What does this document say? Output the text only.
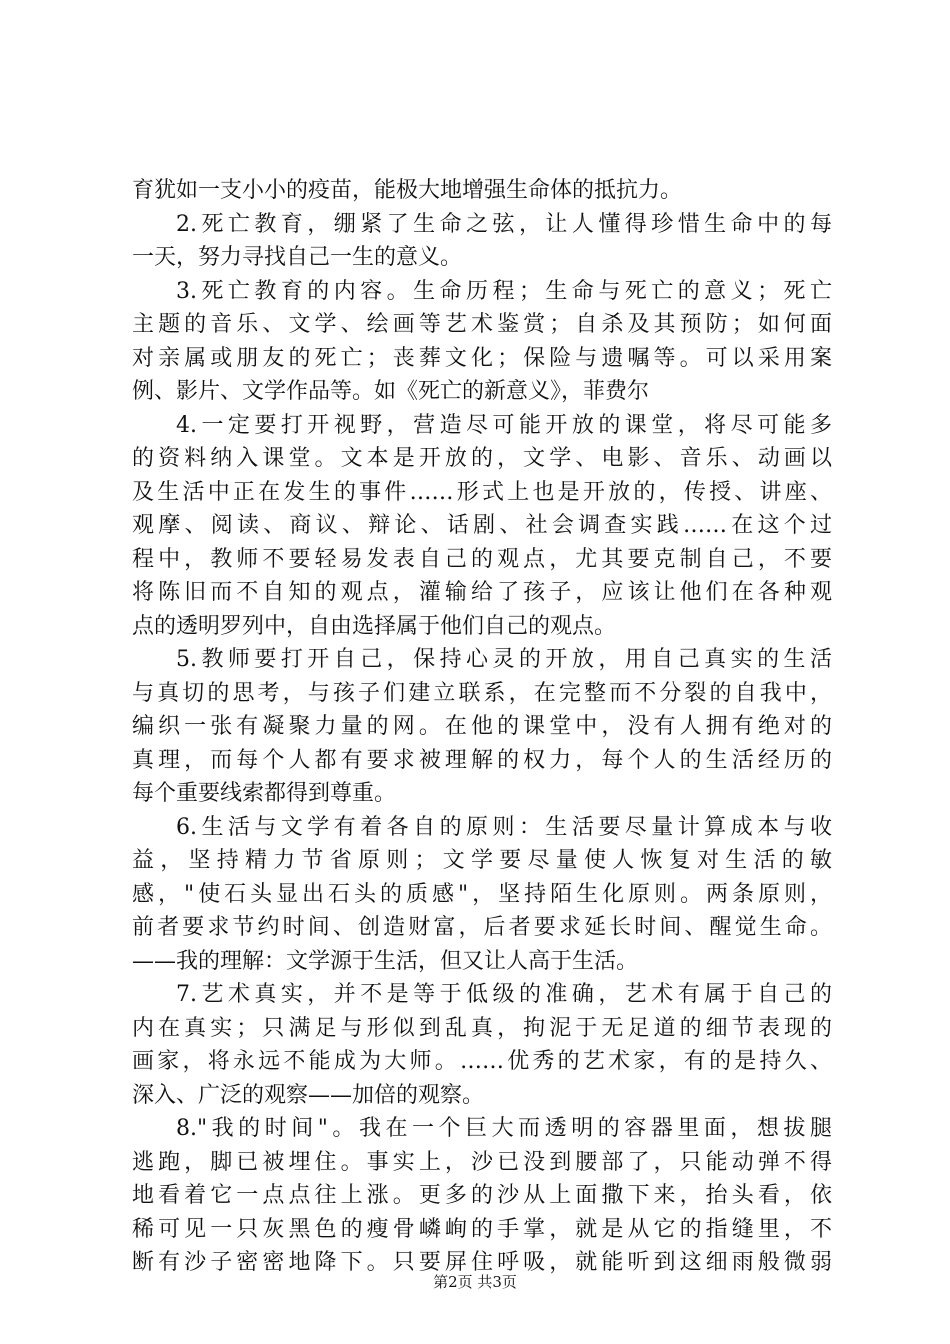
育犹如一支小小的疫苗，能极大地增强生命体的抵抗力。
2.死亡教育，绷紧了生命之弦，让人懂得珍惜生命中的每
一天，努力寻找自己一生的意义。
3.死亡教育的内容。生命历程；生命与死亡的意义；死亡
主题的音乐、文学、绘画等艺术鉴赏；自杀及其预防；如何面
对亲属或朋友的死亡；丧葬文化；保险与遗嘱等。可以采用案
例、影片、文学作品等。如《死亡的新意义》，菲费尔
4.一定要打开视野，营造尽可能开放的课堂，将尽可能多
的资料纳入课堂。文本是开放的，文学、电影、音乐、动画以
及生活中正在发生的事件……形式上也是开放的，传授、讲座、
观摩、阅读、商议、辩论、话剧、社会调查实践……在这个过
程中，教师不要轻易发表自己的观点，尤其要克制自己，不要
将陈旧而不自知的观点，灌输给了孩子，应该让他们在各种观
点的透明罗列中，自由选择属于他们自己的观点。
5.教师要打开自己，保持心灵的开放，用自己真实的生活
与真切的思考，与孩子们建立联系，在完整而不分裂的自我中，
编织一张有凝聚力量的网。在他的课堂中，没有人拥有绝对的
真理，而每个人都有要求被理解的权力，每个人的生活经历的
每个重要线索都得到尊重。
6.生活与文学有着各自的原则：生活要尽量计算成本与收
益，坚持精力节省原则；文学要尽量使人恢复对生活的敏
感，"使石头显出石头的质感"，坚持陌生化原则。两条原则，
前者要求节约时间、创造财富，后者要求延长时间、醒觉生命。
——我的理解：文学源于生活，但又让人高于生活。
7.艺术真实，并不是等于低级的准确，艺术有属于自己的
内在真实；只满足与形似到乱真，拘泥于无足道的细节表现的
画家，将永远不能成为大师。……优秀的艺术家，有的是持久、
深入、广泛的观察——加倍的观察。
8."我的时间"。我在一个巨大而透明的容器里面，想拔腿
逃跑，脚已被埋住。事实上，沙已没到腰部了，只能动弹不得
地看着它一点点往上涨。更多的沙从上面撒下来，抬头看，依
稀可见一只灰黑色的瘦骨嶙峋的手掌，就是从它的指缝里，不
断有沙子密密地降下。只要屏住呼吸，就能听到这细雨般微弱
第2页 共3页
